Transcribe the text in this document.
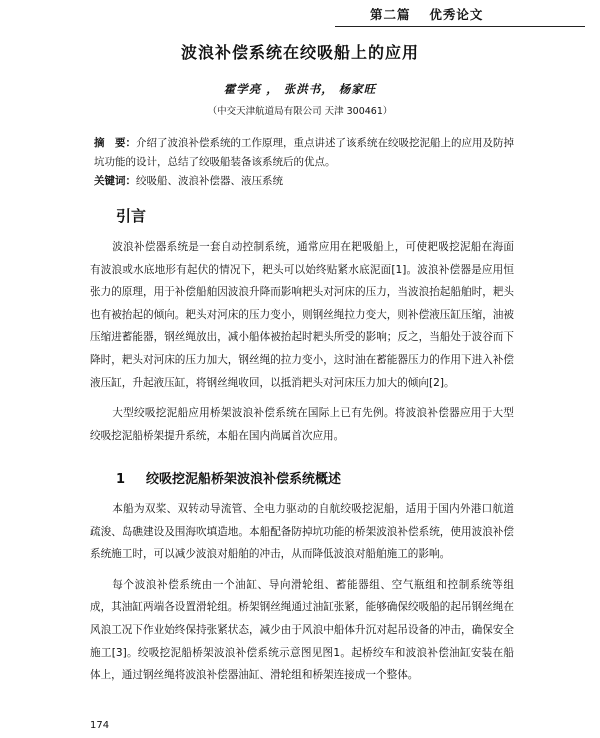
第二篇　 优秀论文
波浪补偿系统在绞吸船上的应用
霍学亮 ， 张洪书， 杨家旺
（中交天津航道局有限公司 天津 300461）

摘　要：介绍了波浪补偿系统的工作原理，重点讲述了该系统在绞吸挖泥船上的应用及防掉坑功能的设计，总结了绞吸船装备该系统后的优点。

关键词：绞吸船、波浪补偿器、液压系统

引言

波浪补偿器系统是一套自动控制系统，通常应用在耙吸船上，可使耙吸挖泥船在海面有波浪或水底地形有起伏的情况下，耙头可以始终贴紧水底泥面[1]。波浪补偿器是应用恒张力的原理，用于补偿船舶因波浪升降而影响耙头对河床的压力，当波浪抬起船舶时，耙头也有被抬起的倾向。耙头对河床的压力变小，则钢丝绳拉力变大，则补偿液压缸压缩，油被压缩进蓄能器，钢丝绳放出，减小船体被抬起时耙头所受的影响；反之，当船处于波谷而下降时，耙头对河床的压力加大，钢丝绳的拉力变小，这时油在蓄能器压力的作用下进入补偿液压缸，升起液压缸，将钢丝绳收回，以抵消耙头对河床压力加大的倾向[2]。

大型绞吸挖泥船应用桥架波浪补偿系统在国际上已有先例。将波浪补偿器应用于大型绞吸挖泥船桥架提升系统，本船在国内尚属首次应用。

1 绞吸挖泥船桥架波浪补偿系统概述

本船为双桨、双转动导流管、全电力驱动的自航绞吸挖泥船，适用于国内外港口航道疏浚、岛礁建设及围海吹填造地。本船配备防掉坑功能的桥架波浪补偿系统，使用波浪补偿系统施工时，可以减少波浪对船舶的冲击，从而降低波浪对船舶施工的影响。

每个波浪补偿系统由一个油缸、导向滑轮组、蓄能器组、空气瓶组和控制系统等组成，其油缸两端各设置滑轮组。桥架钢丝绳通过油缸张紧，能够确保绞吸船的起吊钢丝绳在风浪工况下作业始终保持张紧状态，减少由于风浪中船体升沉对起吊设备的冲击，确保安全施工[3]。绞吸挖泥船桥架波浪补偿系统示意图见图1。起桥绞车和波浪补偿油缸安装在船体上，通过钢丝绳将波浪补偿器油缸、滑轮组和桥架连接成一个整体。

174
